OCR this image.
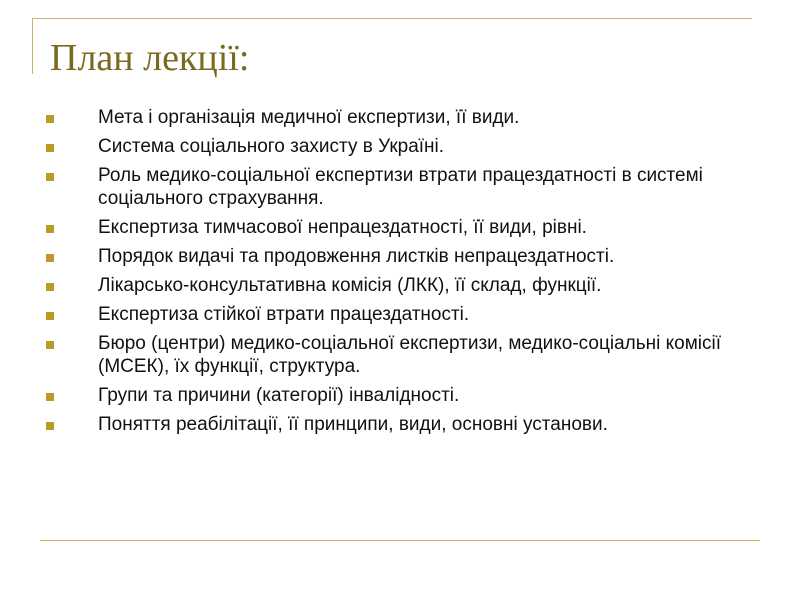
План лекції:
Мета і організація медичної експертизи, її види.
Система соціального захисту в Україні.
Роль медико-соціальної експертизи втрати працездатності в системі соціального страхування.
Експертиза тимчасової непрацездатності, її види, рівні.
Порядок видачі та продовження листків непрацездатності.
Лікарсько-консультативна комісія (ЛКК), її склад, функції.
Експертиза стійкої втрати працездатності.
Бюро (центри) медико-соціальної експертизи, медико-соціальні комісії (МСЕК), їх функції, структура.
Групи та причини (категорії) інвалідності.
Поняття реабілітації, її принципи, види, основні установи.
